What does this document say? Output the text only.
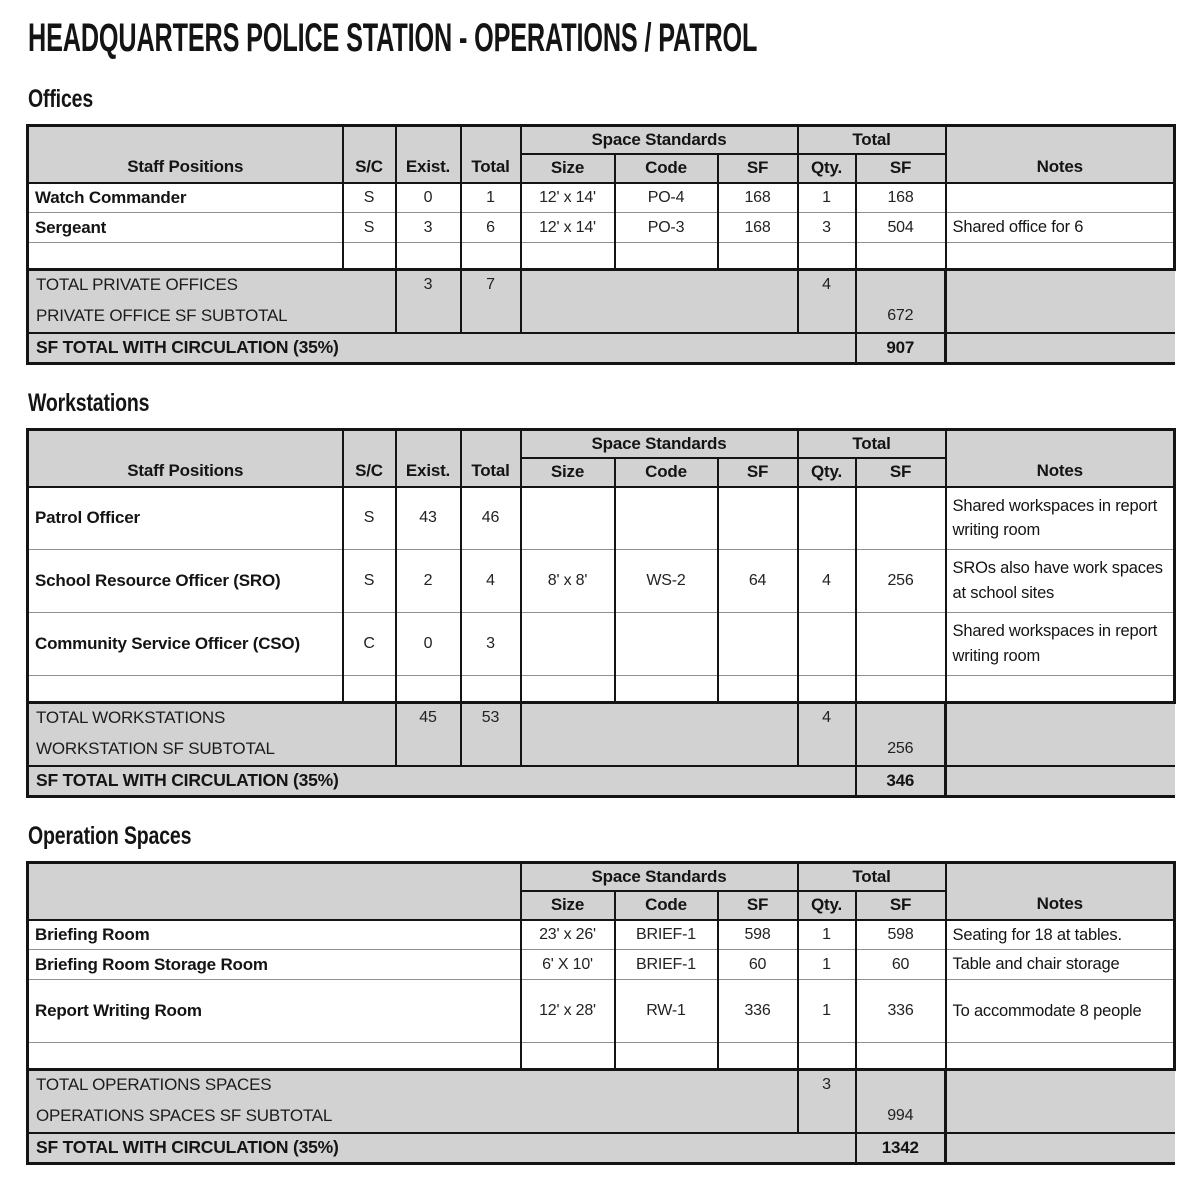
HEADQUARTERS POLICE STATION - OPERATIONS / PATROL
Offices
Staff Positions	S/C	Exist.	Total	Space Standards			Total		Notes
				Size	Code	SF	Qty.	SF	
Watch Commander	S	0	1	12' x 14'	PO-4	168	1	168	
Sergeant	S	3	6	12' x 14'	PO-3	168	3	504	Shared office for 6

TOTAL PRIVATE OFFICES		3	7				4		
PRIVATE OFFICE SF SUBTOTAL								672	
SF TOTAL WITH CIRCULATION (35%)								907	
Workstations
Staff Positions	S/C	Exist.	Total	Space Standards			Total		Notes
				Size	Code	SF	Qty.	SF	
Patrol Officer	S	43	46						Shared workspaces in report writing room
School Resource Officer (SRO)	S	2	4	8' x 8'	WS-2	64	4	256	SROs also have work spaces at school sites
Community Service Officer (CSO)	C	0	3						Shared workspaces in report writing room

TOTAL WORKSTATIONS		45	53				4		
WORKSTATION SF SUBTOTAL								256	
SF TOTAL WITH CIRCULATION (35%)								346	
Operation Spaces
	Space Standards			Total		Notes
	Size	Code	SF	Qty.	SF	
Briefing Room	23' x 26'	BRIEF-1	598	1	598	Seating for 18 at tables.
Briefing Room Storage Room	6' X 10'	BRIEF-1	60	1	60	Table and chair storage
Report Writing Room	12' x 28'	RW-1	336	1	336	To accommodate 8 people

TOTAL OPERATIONS SPACES				3		
OPERATIONS SPACES SF SUBTOTAL					994	
SF TOTAL WITH CIRCULATION (35%)					1342	
